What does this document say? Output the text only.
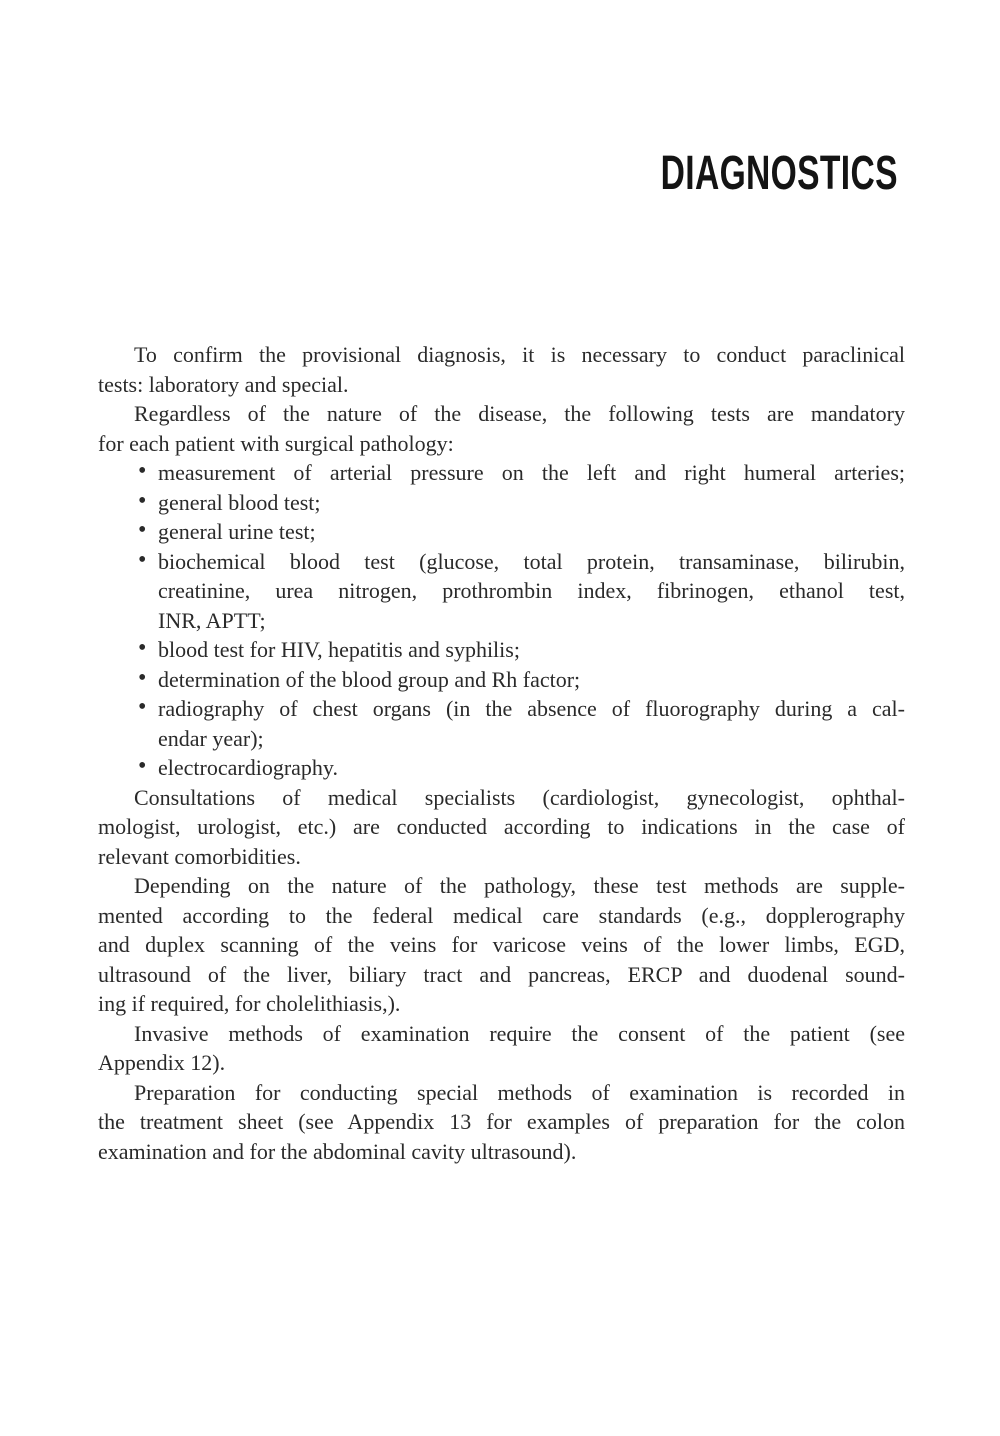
DIAGNOSTICS
To confirm the provisional diagnosis, it is necessary to conduct paraclinical
tests: laboratory and special.
Regardless of the nature of the disease, the following tests are mandatory
for each patient with surgical pathology:
• measurement of arterial pressure on the left and right humeral arteries;
• general blood test;
• general urine test;
• biochemical blood test (glucose, total protein, transaminase, bilirubin,
creatinine, urea nitrogen, prothrombin index, fibrinogen, ethanol test,
INR, APTT;
• blood test for HIV, hepatitis and syphilis;
• determination of the blood group and Rh factor;
• radiography of chest organs (in the absence of fluorography during a cal-
endar year);
• electrocardiography.
Consultations of medical specialists (cardiologist, gynecologist, ophthal-
mologist, urologist, etc.) are conducted according to indications in the case of
relevant comorbidities.
Depending on the nature of the pathology, these test methods are supple-
mented according to the federal medical care standards (e.g., dopplerography
and duplex scanning of the veins for varicose veins of the lower limbs, EGD,
ultrasound of the liver, biliary tract and pancreas, ERCP and duodenal sound-
ing if required, for cholelithiasis,).
Invasive methods of examination require the consent of the patient (see
Appendix 12).
Preparation for conducting special methods of examination is recorded in
the treatment sheet (see Appendix 13 for examples of preparation for the colon
examination and for the abdominal cavity ultrasound).
